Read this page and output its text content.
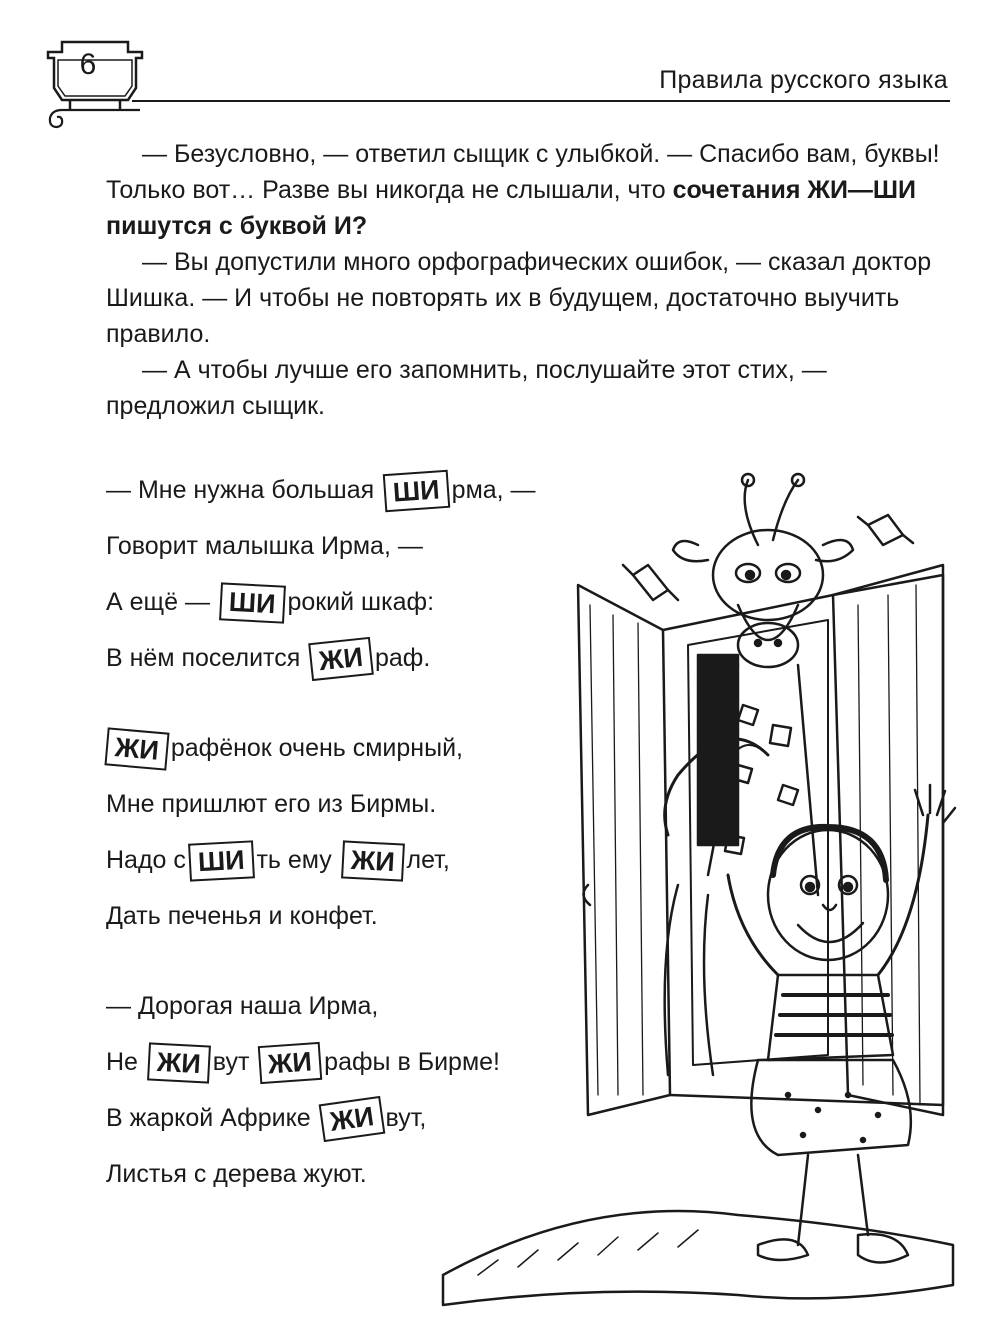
6	Правила русского языка

— Безусловно, — ответил сыщик с улыбкой. — Спасибо вам, буквы! Только вот… Разве вы никогда не слышали, что сочетания ЖИ—ШИ пишутся с буквой И?

— Вы допустили много орфографических ошибок, — сказал доктор Шишка. — И чтобы не повторять их в будущем, достаточно выучить правило.

— А чтобы лучше его запомнить, послушайте этот стих, — предложил сыщик.

— Мне нужна большая ШИ рма, —
Говорит малышка Ирма, —
А ещё — ШИ рокий шкаф:
В нём поселится ЖИ раф.
ЖИ рафёнок очень смирный,
Мне пришлют его из Бирмы.
Надо с ШИ ть ему ЖИ лет,
Дать печенья и конфет.
— Дорогая наша Ирма,
Не ЖИ вут ЖИ рафы в Бирме!
В жаркой Африке ЖИ вут,
Листья с дерева жуют.
